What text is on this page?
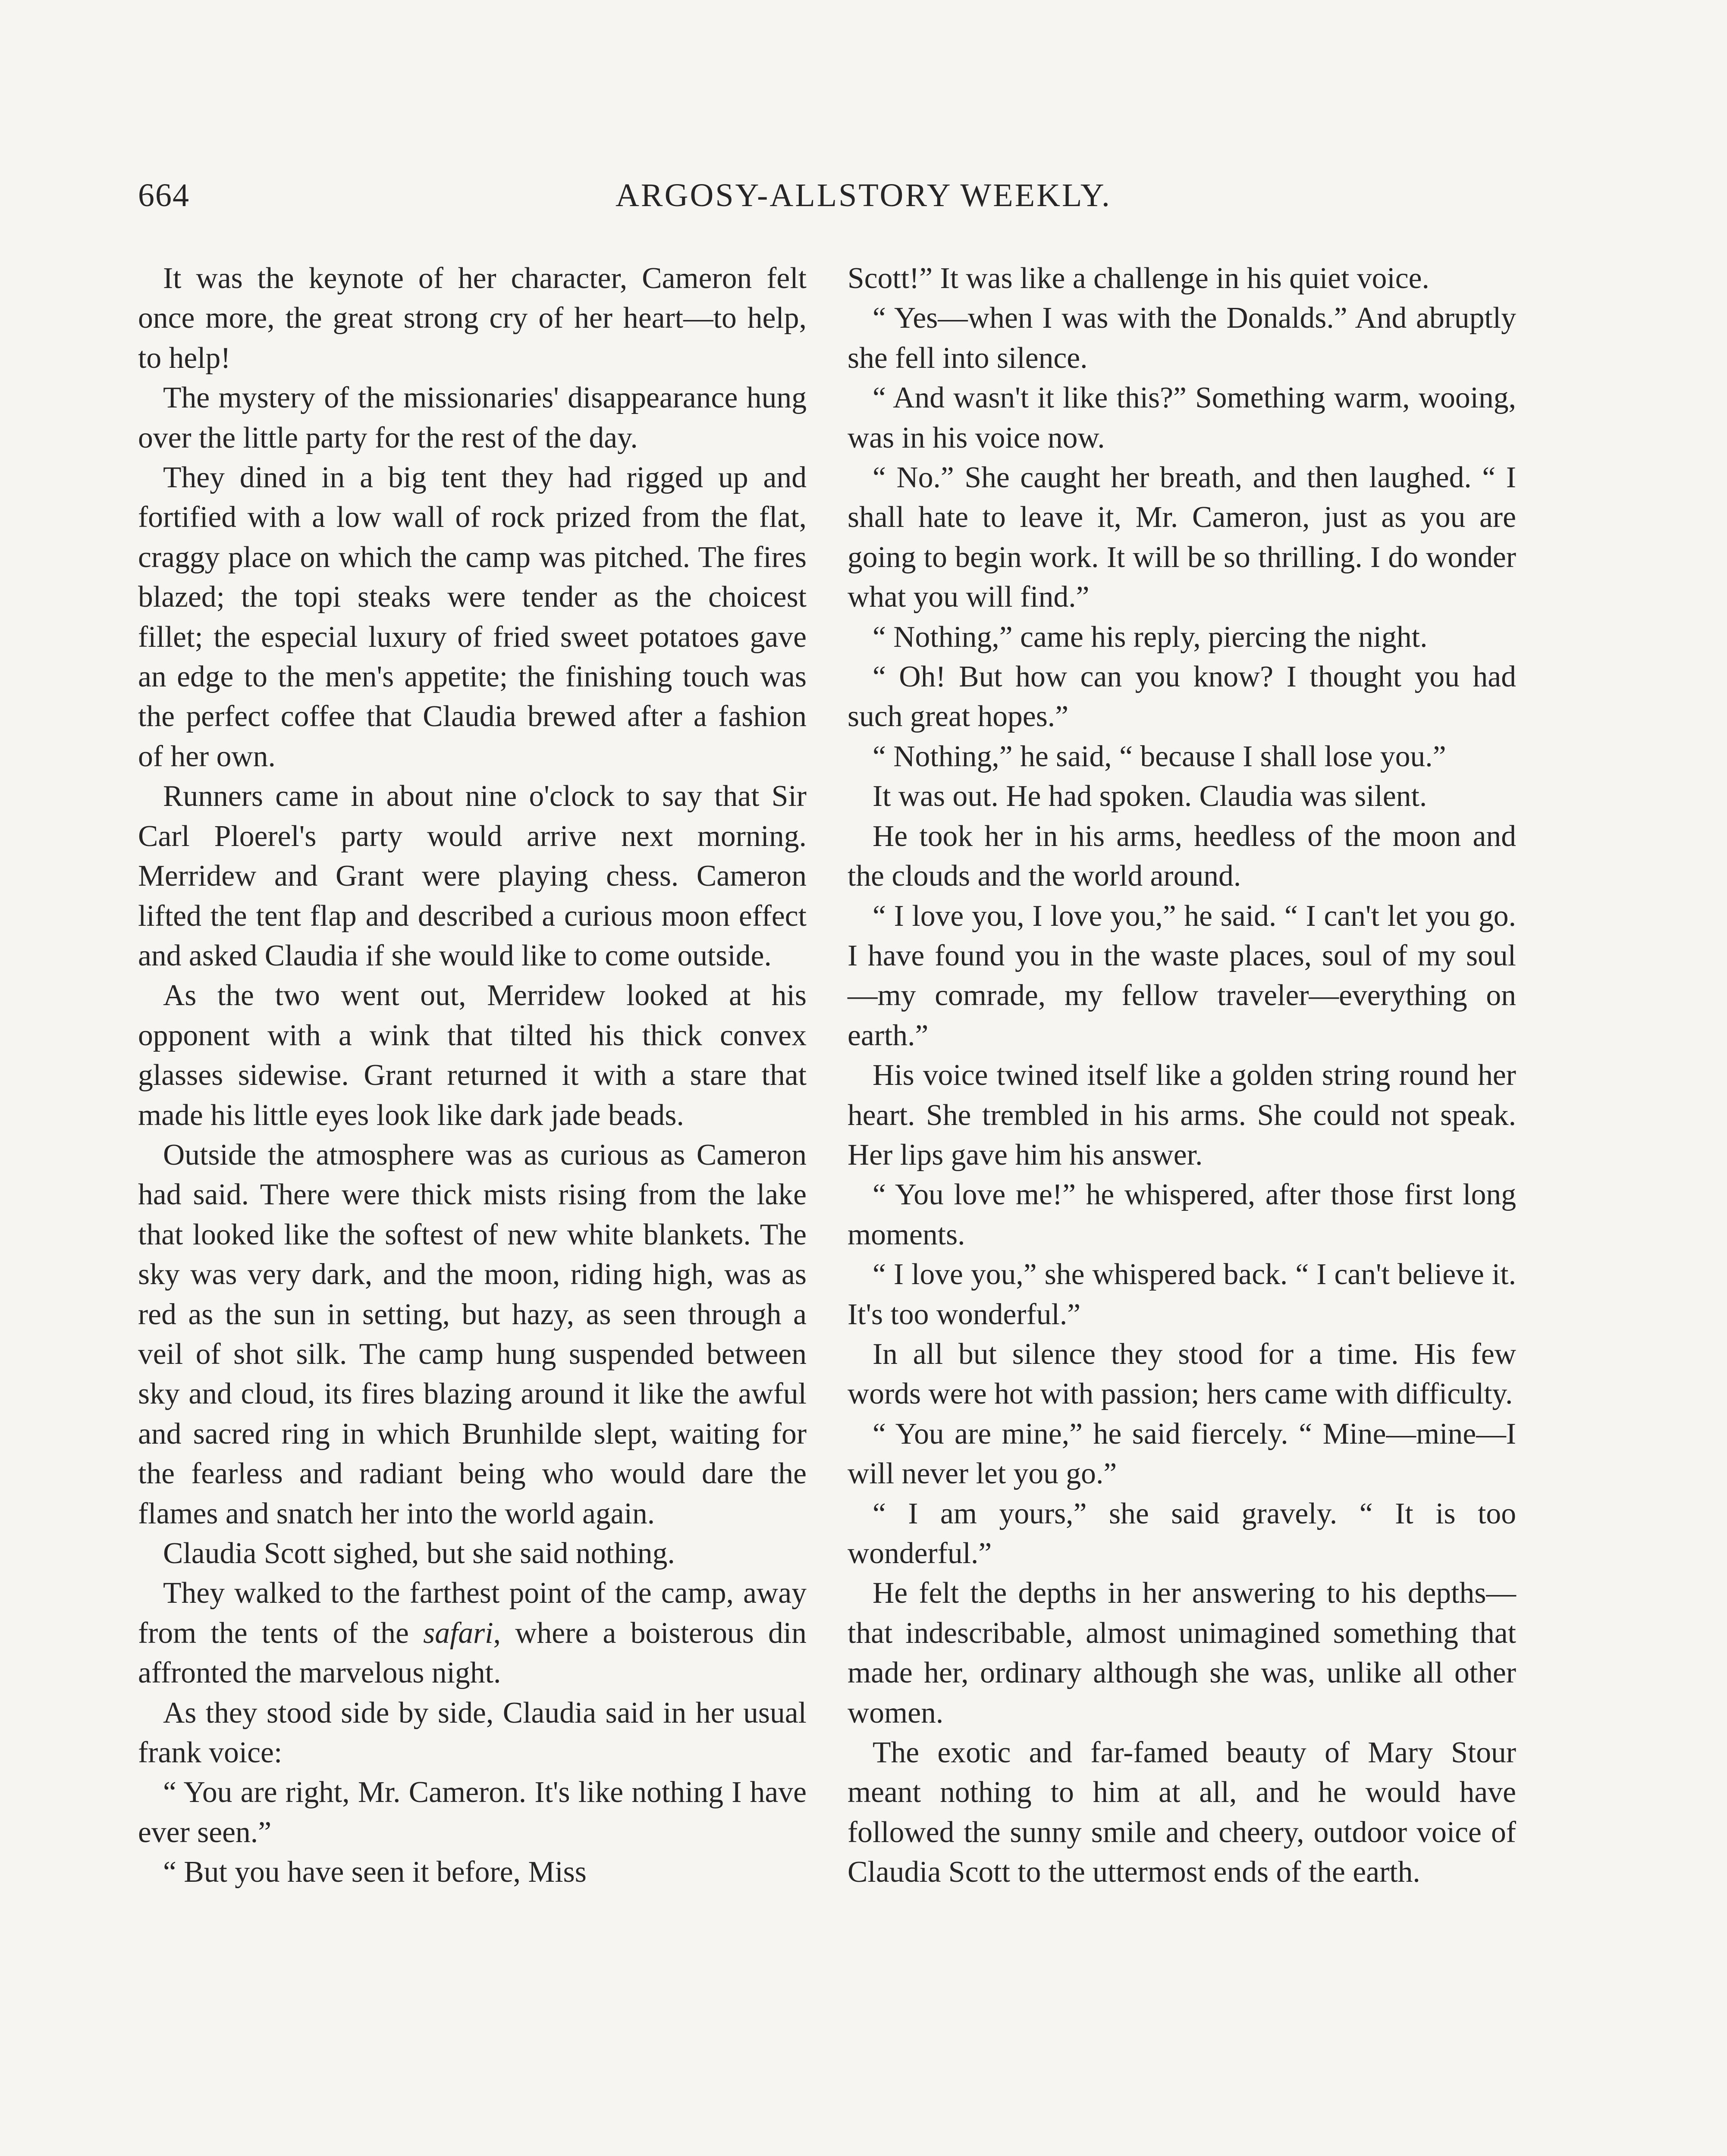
664	ARGOSY-ALLSTORY WEEKLY.

It was the keynote of her character, Cameron felt once more, the great strong cry of her heart—to help, to help!

The mystery of the missionaries' disappearance hung over the little party for the rest of the day.

They dined in a big tent they had rigged up and fortified with a low wall of rock prized from the flat, craggy place on which the camp was pitched. The fires blazed; the topi steaks were tender as the choicest fillet; the especial luxury of fried sweet potatoes gave an edge to the men's appetite; the finishing touch was the perfect coffee that Claudia brewed after a fashion of her own.

Runners came in about nine o'clock to say that Sir Carl Ploerel's party would arrive next morning. Merridew and Grant were playing chess. Cameron lifted the tent flap and described a curious moon effect and asked Claudia if she would like to come outside.

As the two went out, Merridew looked at his opponent with a wink that tilted his thick convex glasses sidewise. Grant returned it with a stare that made his little eyes look like dark jade beads.

Outside the atmosphere was as curious as Cameron had said. There were thick mists rising from the lake that looked like the softest of new white blankets. The sky was very dark, and the moon, riding high, was as red as the sun in setting, but hazy, as seen through a veil of shot silk. The camp hung suspended between sky and cloud, its fires blazing around it like the awful and sacred ring in which Brunhilde slept, waiting for the fearless and radiant being who would dare the flames and snatch her into the world again.

Claudia Scott sighed, but she said nothing.

They walked to the farthest point of the camp, away from the tents of the safari, where a boisterous din affronted the marvelous night.

As they stood side by side, Claudia said in her usual frank voice:

“ You are right, Mr. Cameron. It's like nothing I have ever seen.”

“ But you have seen it before, Miss

Scott!” It was like a challenge in his quiet voice.

“ Yes—when I was with the Donalds.” And abruptly she fell into silence.

“ And wasn't it like this?” Something warm, wooing, was in his voice now.

“ No.” She caught her breath, and then laughed. “ I shall hate to leave it, Mr. Cameron, just as you are going to begin work. It will be so thrilling. I do wonder what you will find.”

“ Nothing,” came his reply, piercing the night.

“ Oh! But how can you know? I thought you had such great hopes.”

“ Nothing,” he said, “ because I shall lose you.”

It was out. He had spoken. Claudia was silent.

He took her in his arms, heedless of the moon and the clouds and the world around.

“ I love you, I love you,” he said. “ I can't let you go. I have found you in the waste places, soul of my soul—my comrade, my fellow traveler—everything on earth.”

His voice twined itself like a golden string round her heart. She trembled in his arms. She could not speak. Her lips gave him his answer.

“ You love me!” he whispered, after those first long moments.

“ I love you,” she whispered back. “ I can't believe it. It's too wonderful.”

In all but silence they stood for a time. His few words were hot with passion; hers came with difficulty.

“ You are mine,” he said fiercely. “ Mine—mine—I will never let you go.”

“ I am yours,” she said gravely. “ It is too wonderful.”

He felt the depths in her answering to his depths—that indescribable, almost unimagined something that made her, ordinary although she was, unlike all other women.

The exotic and far-famed beauty of Mary Stour meant nothing to him at all, and he would have followed the sunny smile and cheery, outdoor voice of Claudia Scott to the uttermost ends of the earth.
